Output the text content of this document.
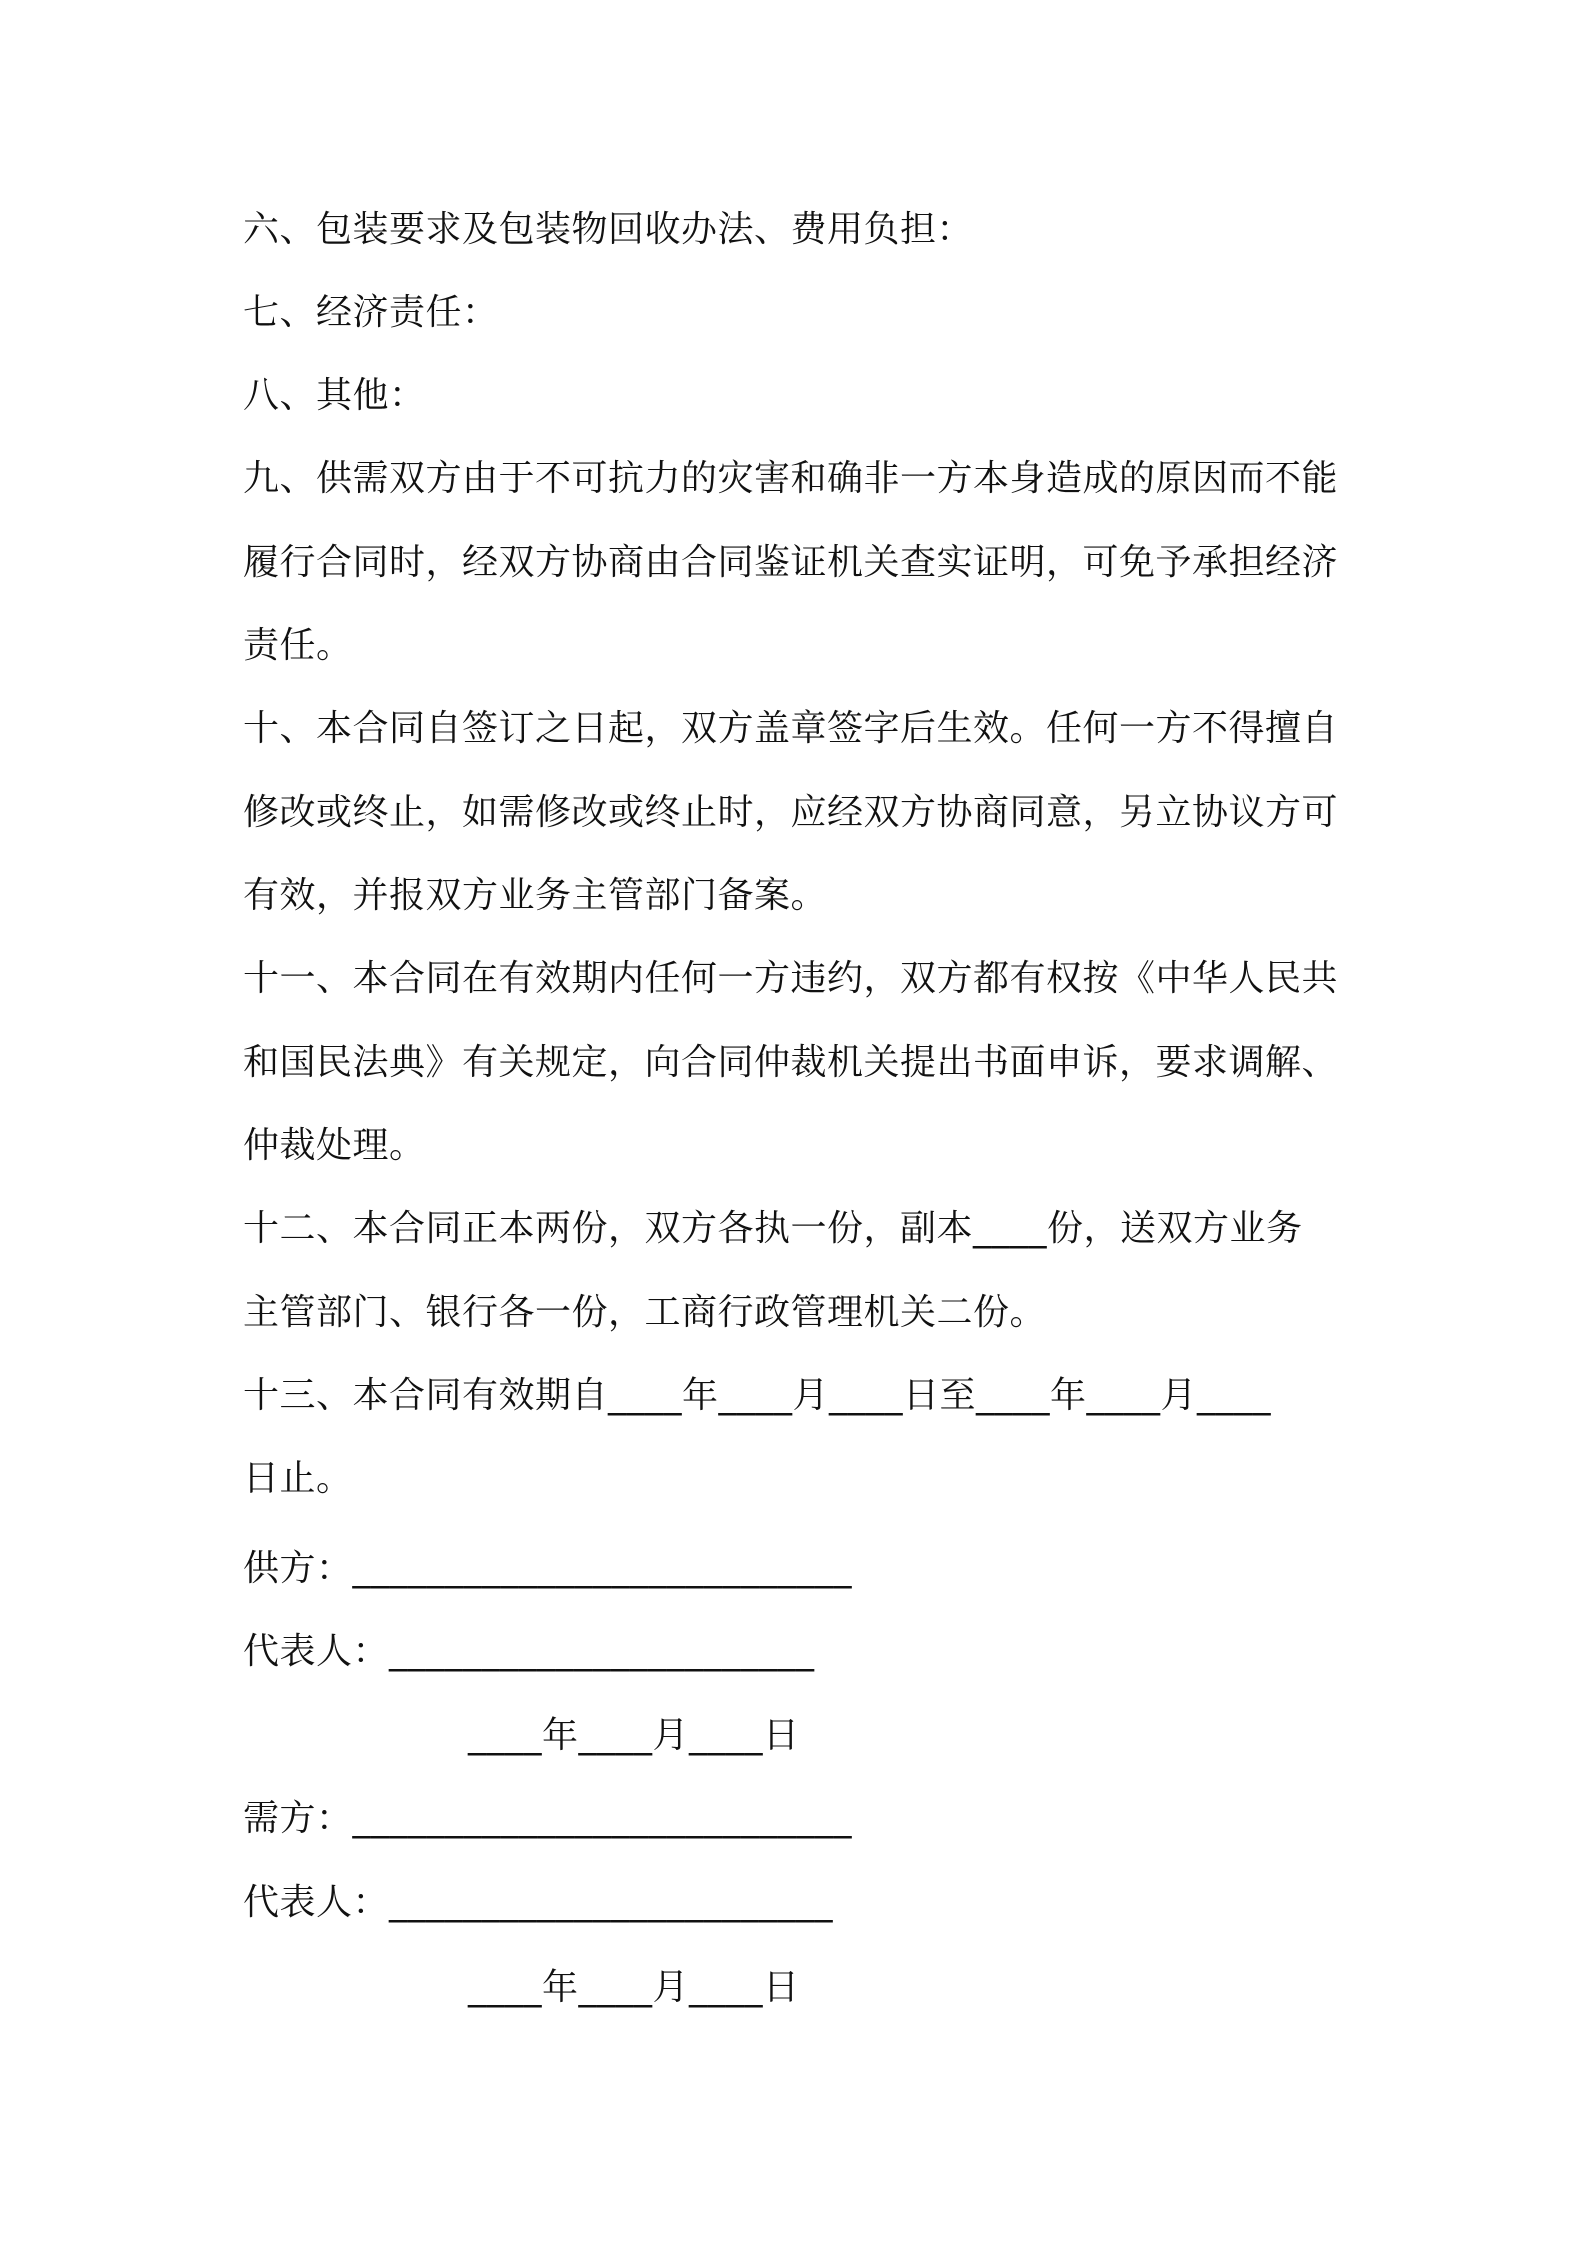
六、包装要求及包装物回收办法、费用负担：
七、经济责任：
八、其他：
九、供需双方由于不可抗力的灾害和确非一方本身造成的原因而不能
履行合同时，经双方协商由合同鉴证机关查实证明，可免予承担经济
责任。
十、本合同自签订之日起，双方盖章签字后生效。任何一方不得擅自
修改或终止，如需修改或终止时，应经双方协商同意，另立协议方可
有效，并报双方业务主管部门备案。
十一、本合同在有效期内任何一方违约，双方都有权按《中华人民共
和国民法典》有关规定，向合同仲裁机关提出书面申诉，要求调解、
仲裁处理。
十二、本合同正本两份，双方各执一份，副本____份，送双方业务
主管部门、银行各一份，工商行政管理机关二份。
十三、本合同有效期自____年____月____日至____年____月____
日止。
供方：___________________________
代表人：_______________________
____年____月____日
需方：___________________________
代表人：________________________
____年____月____日
